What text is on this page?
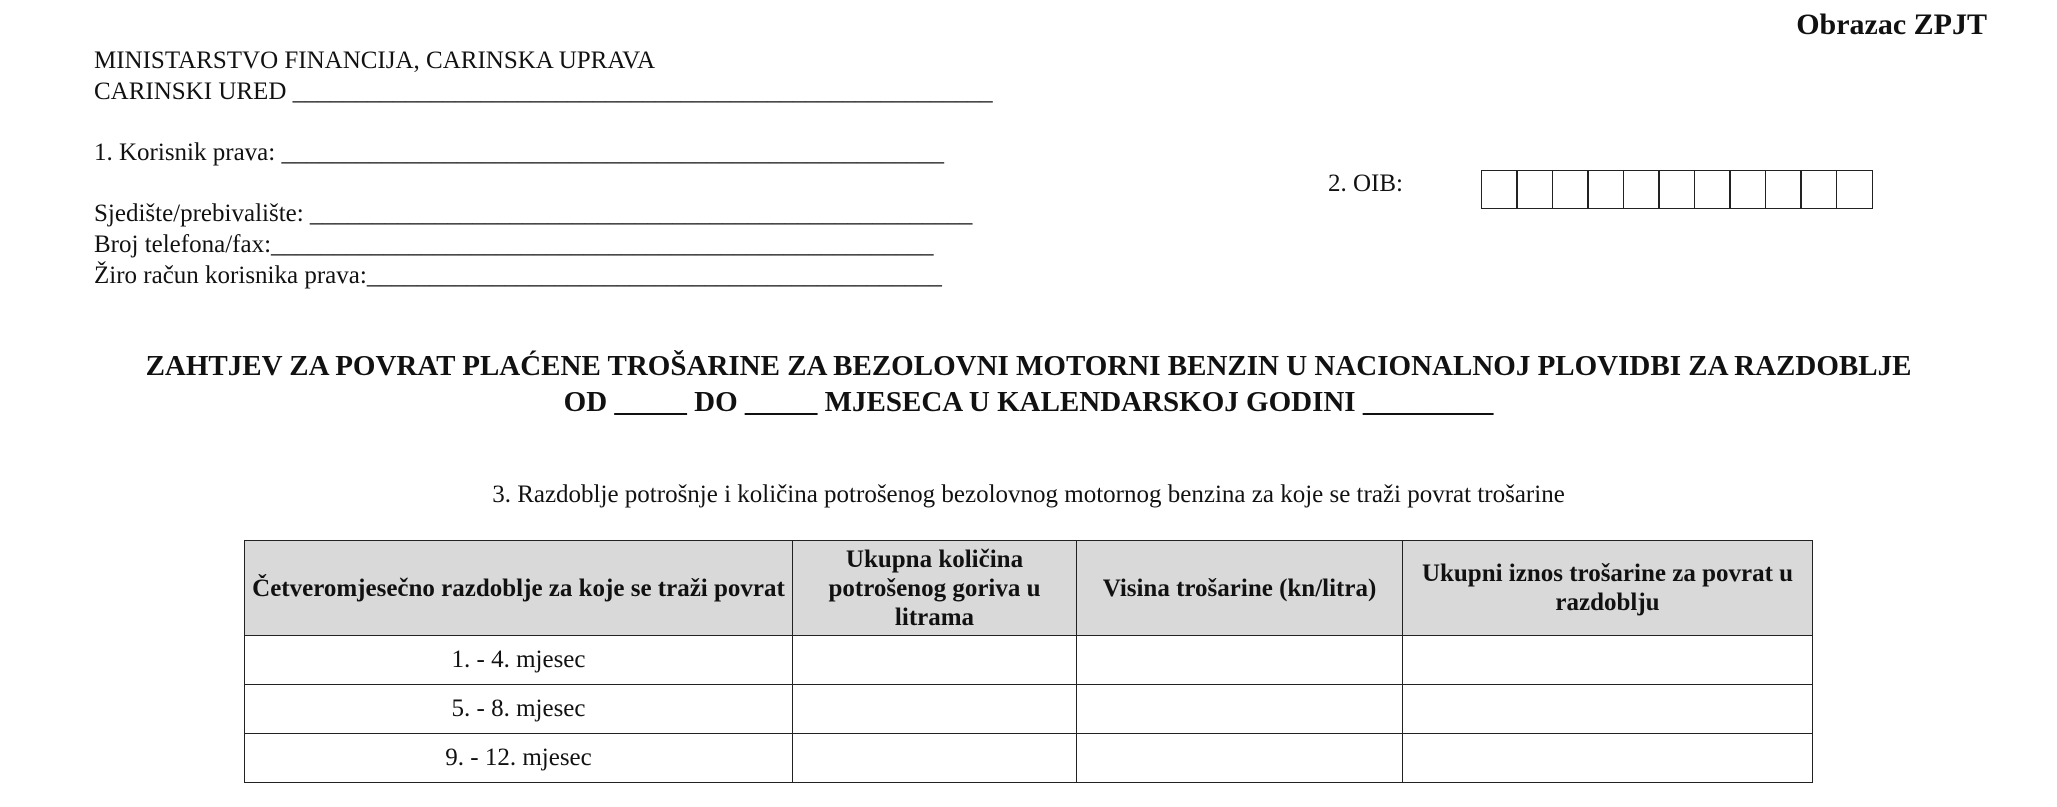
Obrazac ZPJT
MINISTARSTVO FINANCIJA, CARINSKA UPRAVA
CARINSKI URED ________________________________________________________
1. Korisnik prava: _____________________________________________________
Sjedište/prebivalište: _____________________________________________________
Broj telefona/fax:_____________________________________________________
Žiro račun korisnika prava:______________________________________________
2. OIB:
ZAHTJEV ZA POVRAT PLAĆENE TROŠARINE ZA BEZOLOVNI MOTORNI BENZIN U NACIONALNOJ PLOVIDBI ZA RAZDOBLJE
OD _____ DO _____ MJESECA U KALENDARSKOJ GODINI _________
3. Razdoblje potrošnje i količina potrošenog bezolovnog motornog benzina za koje se traži povrat trošarine
Četveromjesečno razdoblje za koje se traži povrat	Ukupna količina potrošenog goriva u litrama	Visina trošarine (kn/litra)	Ukupni iznos trošarine za povrat u razdoblju
1. - 4. mjesec			
5. - 8. mjesec			
9. - 12. mjesec			
